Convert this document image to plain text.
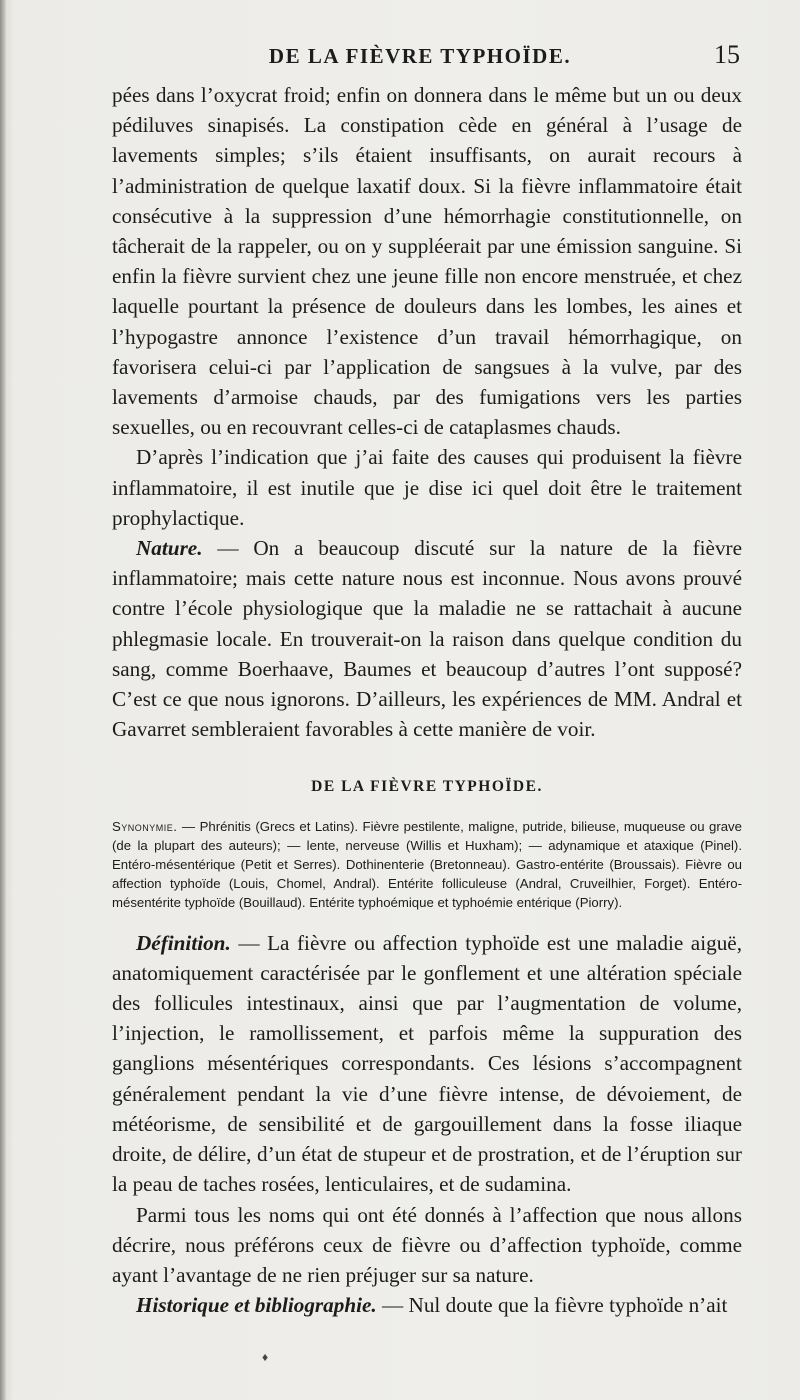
DE LA FIÈVRE TYPHOÏDE.	15

pées dans l’oxycrat froid; enfin on donnera dans le même but un ou deux pédiluves sinapisés. La constipation cède en général à l’usage de lavements simples; s’ils étaient insuffisants, on aurait recours à l’administration de quelque laxatif doux. Si la fièvre inflammatoire était consécutive à la suppression d’une hémorrhagie constitutionnelle, on tâcherait de la rappeler, ou on y suppléerait par une émission sanguine. Si enfin la fièvre survient chez une jeune fille non encore menstruée, et chez laquelle pourtant la présence de douleurs dans les lombes, les aines et l’hypogastre annonce l’existence d’un travail hémorrhagique, on favorisera celui-ci par l’application de sangsues à la vulve, par des lavements d’armoise chauds, par des fumigations vers les parties sexuelles, ou en recouvrant celles-ci de cataplasmes chauds.

D’après l’indication que j’ai faite des causes qui produisent la fièvre inflammatoire, il est inutile que je dise ici quel doit être le traitement prophylactique.

Nature. — On a beaucoup discuté sur la nature de la fièvre inflammatoire; mais cette nature nous est inconnue. Nous avons prouvé contre l’école physiologique que la maladie ne se rattachait à aucune phlegmasie locale. En trouverait-on la raison dans quelque condition du sang, comme Boerhaave, Baumes et beaucoup d’autres l’ont supposé? C’est ce que nous ignorons. D’ailleurs, les expériences de MM. Andral et Gavarret sembleraient favorables à cette manière de voir.

DE LA FIÈVRE TYPHOÏDE.

Synonymie. — Phrénitis (Grecs et Latins). Fièvre pestilente, maligne, putride, bilieuse, muqueuse ou grave (de la plupart des auteurs); — lente, nerveuse (Willis et Huxham); — adynamique et ataxique (Pinel). Entéro-mésentérique (Petit et Serres). Dothinenterie (Bretonneau). Gastro-entérite (Broussais). Fièvre ou affection typhoïde (Louis, Chomel, Andral). Entérite folliculeuse (Andral, Cruveilhier, Forget). Entéro-mésentérite typhoïde (Bouillaud). Entérite typhoémique et typhoémie entérique (Piorry).

Définition. — La fièvre ou affection typhoïde est une maladie aiguë, anatomiquement caractérisée par le gonflement et une altération spéciale des follicules intestinaux, ainsi que par l’augmentation de volume, l’injection, le ramollissement, et parfois même la suppuration des ganglions mésentériques correspondants. Ces lésions s’accompagnent généralement pendant la vie d’une fièvre intense, de dévoiement, de météorisme, de sensibilité et de gargouillement dans la fosse iliaque droite, de délire, d’un état de stupeur et de prostration, et de l’éruption sur la peau de taches rosées, lenticulaires, et de sudamina.

Parmi tous les noms qui ont été donnés à l’affection que nous allons décrire, nous préférons ceux de fièvre ou d’affection typhoïde, comme ayant l’avantage de ne rien préjuger sur sa nature.

Historique et bibliographie. — Nul doute que la fièvre typhoïde n’ait

♦
